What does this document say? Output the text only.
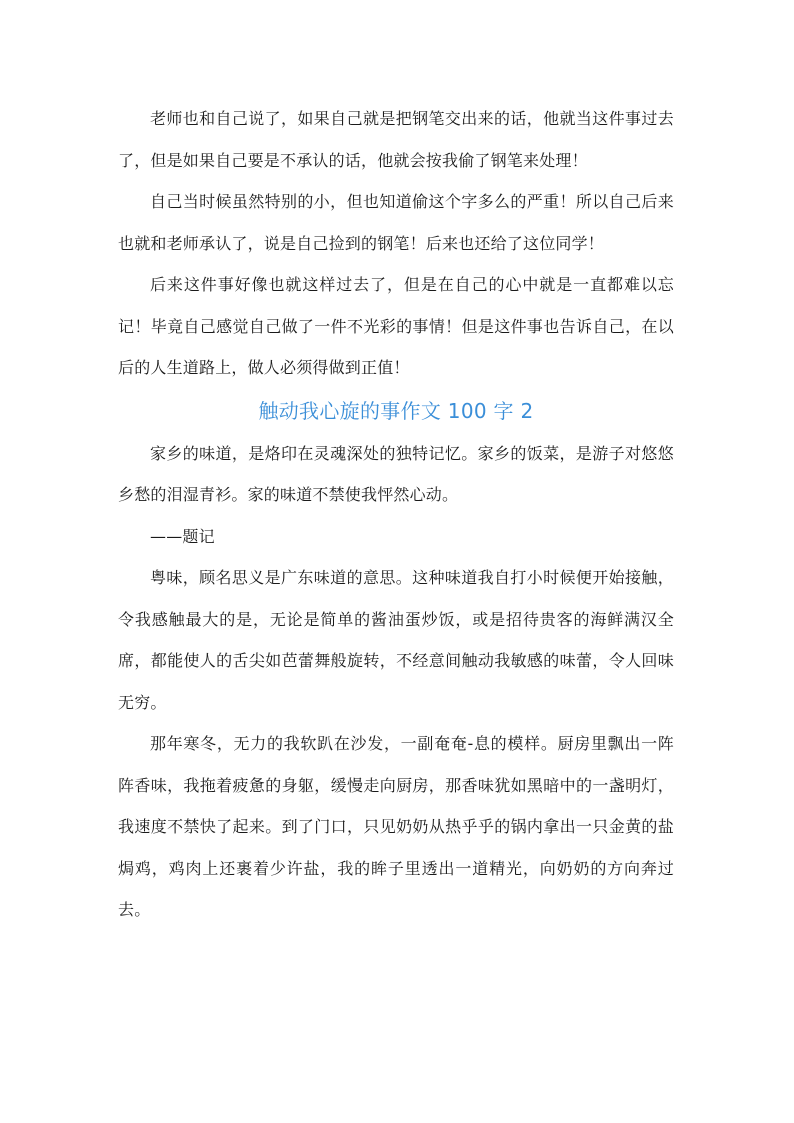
老师也和自己说了，如果自己就是把钢笔交出来的话，他就当这件事过去了，但是如果自己要是不承认的话，他就会按我偷了钢笔来处理！

自己当时候虽然特别的小，但也知道偷这个字多么的严重！所以自己后来也就和老师承认了，说是自己捡到的钢笔！后来也还给了这位同学！

后来这件事好像也就这样过去了，但是在自己的心中就是一直都难以忘记！毕竟自己感觉自己做了一件不光彩的事情！但是这件事也告诉自己，在以后的人生道路上，做人必须得做到正值！

触动我心旋的事作文 100 字 2

家乡的味道，是烙印在灵魂深处的独特记忆。家乡的饭菜，是游子对悠悠乡愁的泪湿青衫。家的味道不禁使我怦然心动。

——题记

粤味，顾名思义是广东味道的意思。这种味道我自打小时候便开始接触，令我感触最大的是，无论是简单的酱油蛋炒饭，或是招待贵客的海鲜满汉全席，都能使人的舌尖如芭蕾舞般旋转，不经意间触动我敏感的味蕾，令人回味无穷。

那年寒冬，无力的我软趴在沙发，一副奄奄-息的模样。厨房里飘出一阵阵香味，我拖着疲惫的身躯，缓慢走向厨房，那香味犹如黑暗中的一盏明灯，我速度不禁快了起来。到了门口，只见奶奶从热乎乎的锅内拿出一只金黄的盐焗鸡，鸡肉上还裹着少许盐，我的眸子里透出一道精光，向奶奶的方向奔过去。
